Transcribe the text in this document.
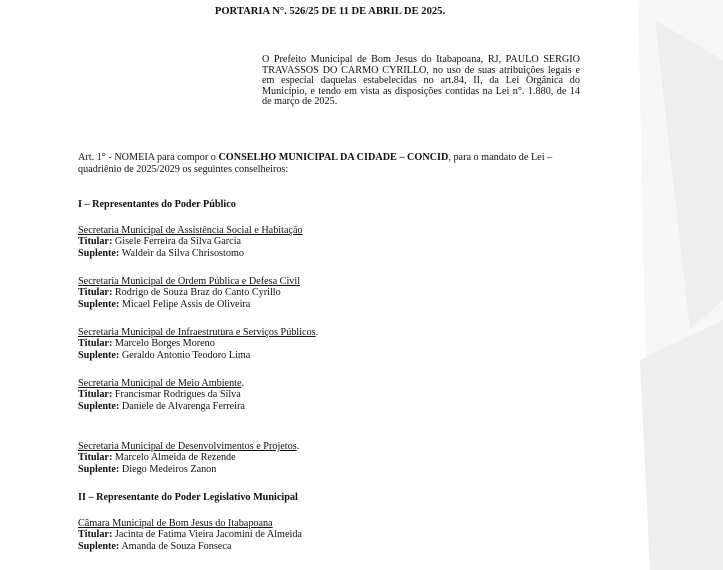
PORTARIA N°. 526/25 DE 11 DE ABRIL DE 2025.
O Prefeito Municipal de Bom Jesus do Itabapoana, RJ, PAULO SERGIO TRAVASSOS DO CARMO CYRILLO, no uso de suas atribuições legais e em especial daquelas estabelecidas no art.84, II, da Lei Orgânica do Município, e tendo em vista as disposições contidas na Lei n°. 1.880, de 14 de março de 2025.
Art. 1° - NOMEIA para compor o CONSELHO MUNICIPAL DA CIDADE – CONCID, para o mandato de Lei – quadriênio de 2025/2029 os seguintes conselheiros:
I – Representantes do Poder Público
Secretaria Municipal de Assistência Social e Habitação
Titular: Gisele Ferreira da Silva Garcia
Suplente: Waldeir da Silva Chrisostomo
Secretaria Municipal de Ordem Pública e Defesa Civil
Titular: Rodrigo de Souza Braz do Canto Cyrillo
Suplente: Micael Felipe Assis de Oliveira
Secretaria Municipal de Infraestrutura e Serviços Públicos.
Titular: Marcelo Borges Moreno
Suplente: Geraldo Antonio Teodoro Lima
Secretaria Municipal de Meio Ambiente.
Titular: Francismar Rodrigues da Silva
Suplente: Daniele de Alvarenga Ferreira
Secretaria Municipal de Desenvolvimentos e Projetos.
Titular: Marcelo Almeida de Rezende
Suplente: Diego Medeiros Zanon
II – Representante do Poder Legislativo Municipal
Câmara Municipal de Bom Jesus do Itabapoana
Titular: Jacinta de Fatima Vieira Jacomini de Almeida
Suplente: Amanda de Souza Fonseca
